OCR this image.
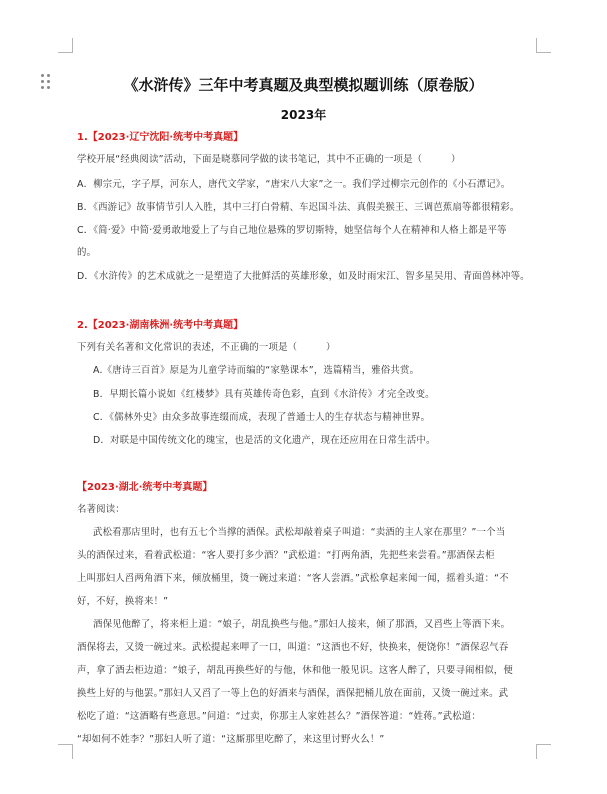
《水浒传》三年中考真题及典型模拟题训练（原卷版）
2023年
1.【2023·辽宁沈阳·统考中考真题】
学校开展“经典阅读”活动，下面是晓慕同学做的读书笔记，其中不正确的一项是（　　　）
A．柳宗元，字子厚，河东人，唐代文学家，“唐宋八大家”之一。我们学过柳宗元创作的《小石潭记》。
B．《西游记》故事情节引人入胜，其中三打白骨精、车迟国斗法、真假美猴王、三调芭蕉扇等都很精彩。
C．《简·爱》中简·爱勇敢地爱上了与自己地位悬殊的罗切斯特，她坚信每个人在精神和人格上都是平等
的。
D．《水浒传》的艺术成就之一是塑造了大批鲜活的英雄形象，如及时雨宋江、智多星吴用、青面兽林冲等。
2.【2023·湖南株洲·统考中考真题】
下列有关名著和文化常识的表述，不正确的一项是（　　　）
A.《唐诗三百首》原是为儿童学诗而编的“家塾课本”，选篇精当，雅俗共赏。
B．早期长篇小说如《红楼梦》具有英雄传奇色彩，直到《水浒传》才完全改变。
C．《儒林外史》由众多故事连缀而成，表现了普通士人的生存状态与精神世界。
D．对联是中国传统文化的瑰宝，也是活的文化遗产，现在还应用在日常生活中。
【2023·湖北·统考中考真题】
名著阅读：
武松看那店里时，也有五七个当撑的酒保。武松却敲着桌子叫道：“卖酒的主人家在那里？”一个当
头的酒保过来，看着武松道：“客人要打多少酒？”武松道：“打两角酒，先把些来尝看。”那酒保去柜
上叫那妇人舀两角酒下来，倾放桶里，烫一碗过来道：“客人尝酒。”武松拿起来闻一闻，摇着头道：“不
好，不好，换将来！”
酒保见他醉了，将来柜上道：“娘子，胡乱换些与他。”那妇人接来，倾了那酒，又舀些上等酒下来。
酒保将去，又烫一碗过来。武松提起来呷了一口，叫道：“这酒也不好，快换来，便饶你！”酒保忍气吞
声，拿了酒去柜边道：“娘子，胡乱再换些好的与他，休和他一般见识。这客人醉了，只要寻闹相似，便
换些上好的与他罢。”那妇人又舀了一等上色的好酒来与酒保，酒保把桶儿放在面前，又烫一碗过来。武
松吃了道：“这酒略有些意思。”问道：“过卖，你那主人家姓甚么？”酒保答道：“姓蒋。”武松道：
“却如何不姓李？”那妇人听了道：“这厮那里吃醉了，来这里讨野火么！”
